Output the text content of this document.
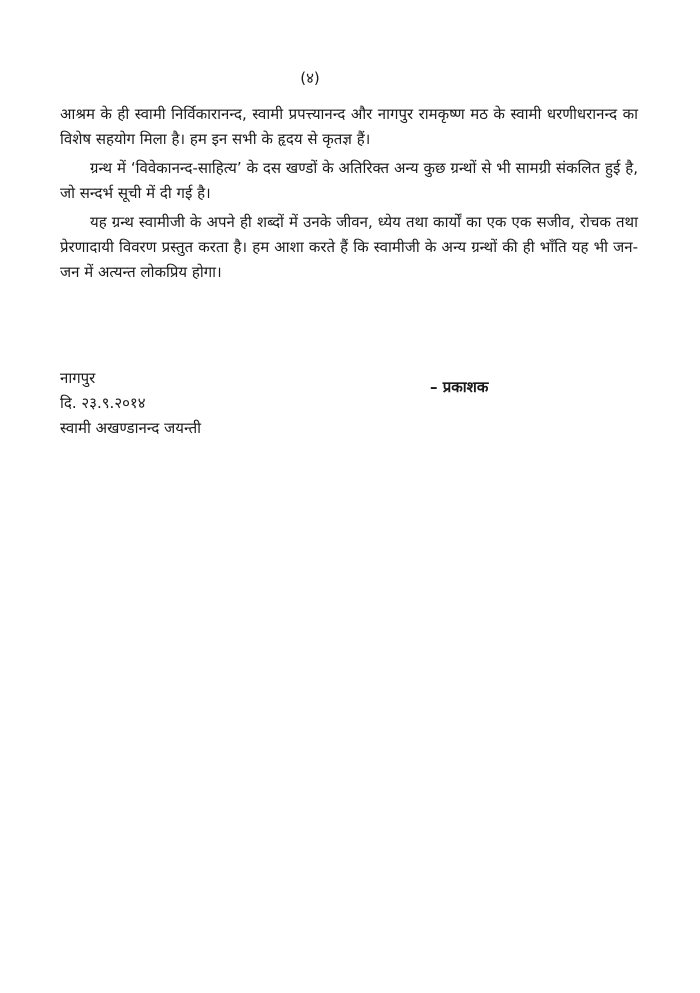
(४)

आश्रम के ही स्वामी निर्विकारानन्द, स्वामी प्रपत्त्यानन्द और नागपुर रामकृष्ण मठ के स्वामी धरणीधरानन्द का विशेष सहयोग मिला है। हम इन सभी के हृदय से कृतज्ञ हैं।

ग्रन्थ में ‘विवेकानन्द-साहित्य’ के दस खण्डों के अतिरिक्त अन्य कुछ ग्रन्थों से भी सामग्री संकलित हुई है, जो सन्दर्भ सूची में दी गई है।

यह ग्रन्थ स्वामीजी के अपने ही शब्दों में उनके जीवन, ध्येय तथा कार्यों का एक एक सजीव, रोचक तथा प्रेरणादायी विवरण प्रस्तुत करता है। हम आशा करते हैं कि स्वामीजी के अन्य ग्रन्थों की ही भाँति यह भी जन-जन में अत्यन्त लोकप्रिय होगा।

नागपुर
दि. २३.९.२०१४
स्वामी अखण्डानन्द जयन्ती
– प्रकाशक
